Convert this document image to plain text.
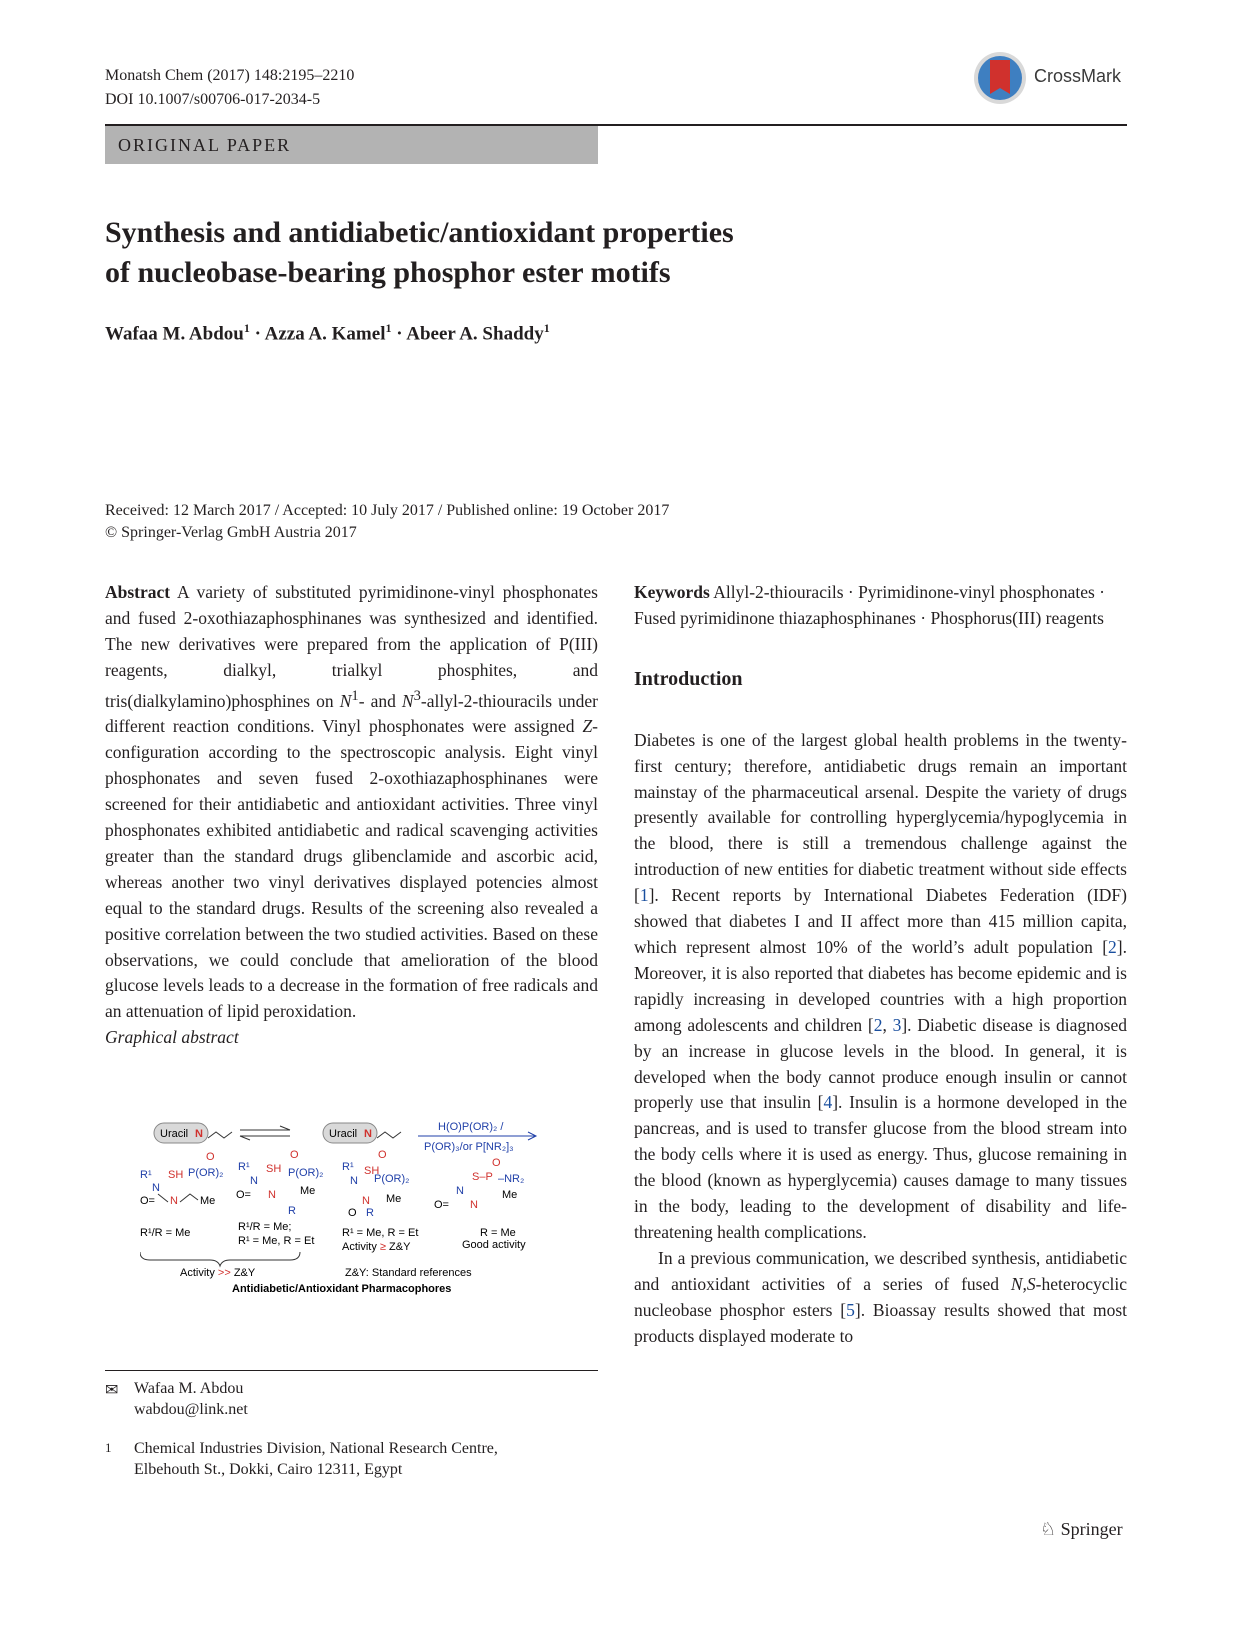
Monatsh Chem (2017) 148:2195–2210
DOI 10.1007/s00706-017-2034-5
CrossMark
ORIGINAL PAPER
Synthesis and antidiabetic/antioxidant properties
of nucleobase-bearing phosphor ester motifs
Wafaa M. Abdou$^1$ · Azza A. Kamel$^1$ · Abeer A. Shaddy$^1$
Received: 12 March 2017 / Accepted: 10 July 2017 / Published online: 19 October 2017
© Springer-Verlag GmbH Austria 2017

Abstract A variety of substituted pyrimidinone-vinyl phosphonates and fused 2-oxothiazaphosphinanes was synthesized and identified. The new derivatives were prepared from the application of P(III) reagents, dialkyl, trialkyl phosphites, and tris(dialkylamino)phosphines on $N^1-$ and $N^3-allyl-2$-thiouracils under different reaction conditions. Vinyl phosphonates were assigned Z-configuration according to the spectroscopic analysis. Eight vinyl phosphonates and seven fused 2-oxothiazaphosphinanes were screened for their antidiabetic and antioxidant activities. Three vinyl phosphonates exhibited antidiabetic and radical scavenging activities greater than the standard drugs glibenclamide and ascorbic acid, whereas another two vinyl derivatives displayed potencies almost equal to the standard drugs. Results of the screening also revealed a positive correlation between the two studied activities. Based on these observations, we could conclude that amelioration of the blood glucose levels leads to a decrease in the formation of free radicals and an attenuation of lipid peroxidation.

Graphical abstract

Uracil N	Uracil N
H(O)P(OR)₂ /
P(OR)₃/or P[NR₂]₃
O
R¹ SH P(OR)₂
N
O= N Me
O
R¹ SH P(OR)₂
N
O= N Me
R
O
R¹ SH
P(OR)₂
N
N Me
O R
O
S–P –NR₂
N
O= N
Me
R¹/R = Me	R¹/R = Me;
R¹ = Me, R = Et
R¹ = Me, R = Et
Activity ≥ Z&Y
R = Me
Good activity
Activity >> Z&Y	Z&Y: Standard references
Antidiabetic/Antioxidant Pharmacophores
✉ Wafaa M. Abdou
wabdou@link.net
1 Chemical Industries Division, National Research Centre,
Elbehouth St., Dokki, Cairo 12311, Egypt

Keywords Allyl-2-thiouracils · Pyrimidinone-vinyl phosphonates · Fused pyrimidinone thiazaphosphinanes · Phosphorus(III) reagents

Introduction

Diabetes is one of the largest global health problems in the twenty-first century; therefore, antidiabetic drugs remain an important mainstay of the pharmaceutical arsenal. Despite the variety of drugs presently available for controlling hyperglycemia/hypoglycemia in the blood, there is still a tremendous challenge against the introduction of new entities for diabetic treatment without side effects [1]. Recent reports by International Diabetes Federation (IDF) showed that diabetes I and II affect more than 415 million capita, which represent almost 10% of the world’s adult population [2]. Moreover, it is also reported that diabetes has become epidemic and is rapidly increasing in developed countries with a high proportion among adolescents and children [2, 3]. Diabetic disease is diagnosed by an increase in glucose levels in the blood. In general, it is developed when the body cannot produce enough insulin or cannot properly use that insulin [4]. Insulin is a hormone developed in the pancreas, and is used to transfer glucose from the blood stream into the body cells where it is used as energy. Thus, glucose remaining in the blood (known as hyperglycemia) causes damage to many tissues in the body, leading to the development of disability and life-threatening health complications.

In a previous communication, we described synthesis, antidiabetic and antioxidant activities of a series of fused N,S-heterocyclic nucleobase phosphor esters [5]. Bioassay results showed that most products displayed moderate to

♘ Springer
